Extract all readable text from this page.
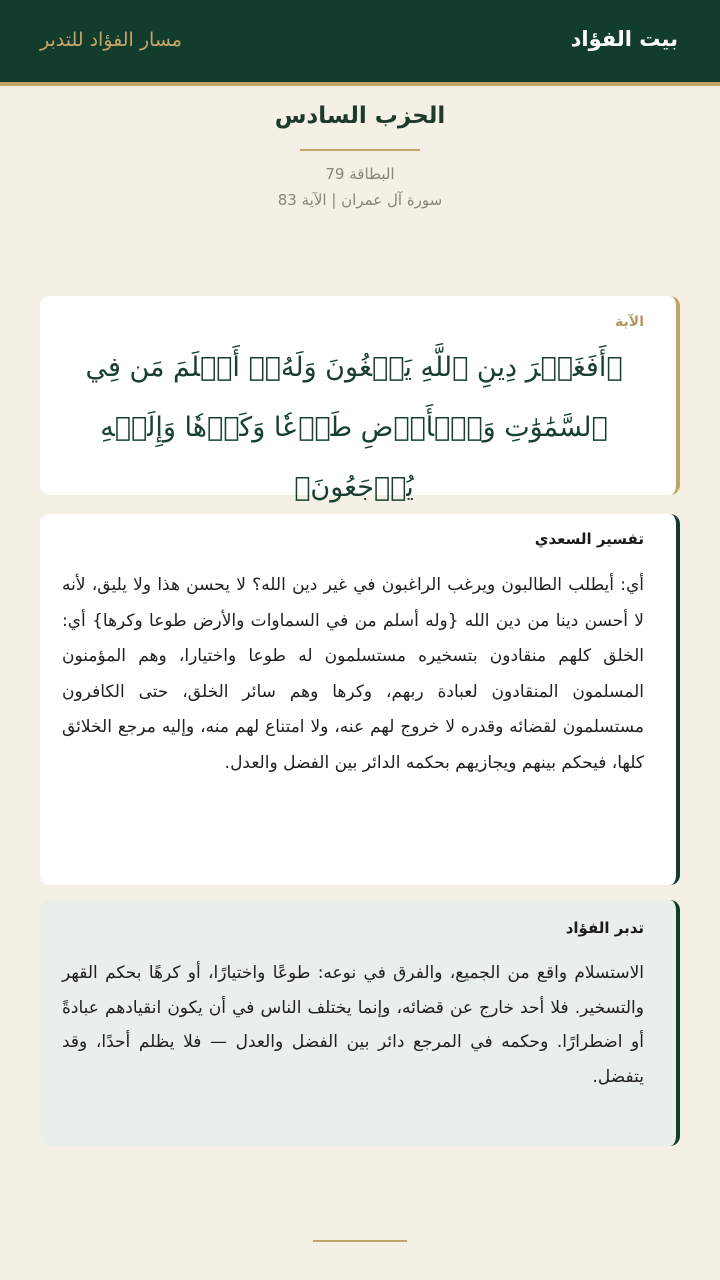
بيت الفؤاد
مسار الفؤاد للتدبر
الحزب السادس
البطاقة 79
سورة آل عمران | الآية 83
الآية
﴿أَفَغَيۡرَ دِينِ ٱللَّهِ يَبۡغُونَ وَلَهُۥٓ أَسۡلَمَ مَن فِي ٱلسَّمَٰوَٰتِ وَٱلۡأَرۡضِ طَوۡعٗا وَكَرۡهٗا وَإِلَيۡهِ يُرۡجَعُونَ﴾
تفسير السعدي
أي: أيطلب الطالبون ويرغب الراغبون في غير دين الله؟ لا يحسن هذا ولا يليق، لأنه لا أحسن دينا من دين الله {وله أسلم من في السماوات والأرض طوعا وكرها} أي: الخلق كلهم منقادون بتسخيره مستسلمون له طوعا واختيارا، وهم المؤمنون المسلمون المنقادون لعبادة ربهم، وكرها وهم سائر الخلق، حتى الكافرون مستسلمون لقضائه وقدره لا خروج لهم عنه، ولا امتناع لهم منه، وإليه مرجع الخلائق كلها، فيحكم بينهم ويجازيهم بحكمه الدائر بين الفضل والعدل.
تدبر الفؤاد
الاستسلام واقع من الجميع، والفرق في نوعه: طوعًا واختيارًا، أو كرهًا بحكم القهر والتسخير. فلا أحد خارج عن قضائه، وإنما يختلف الناس في أن يكون انقيادهم عبادةً أو اضطرارًا. وحكمه في المرجع دائر بين الفضل والعدل — فلا يظلم أحدًا، وقد يتفضل.
